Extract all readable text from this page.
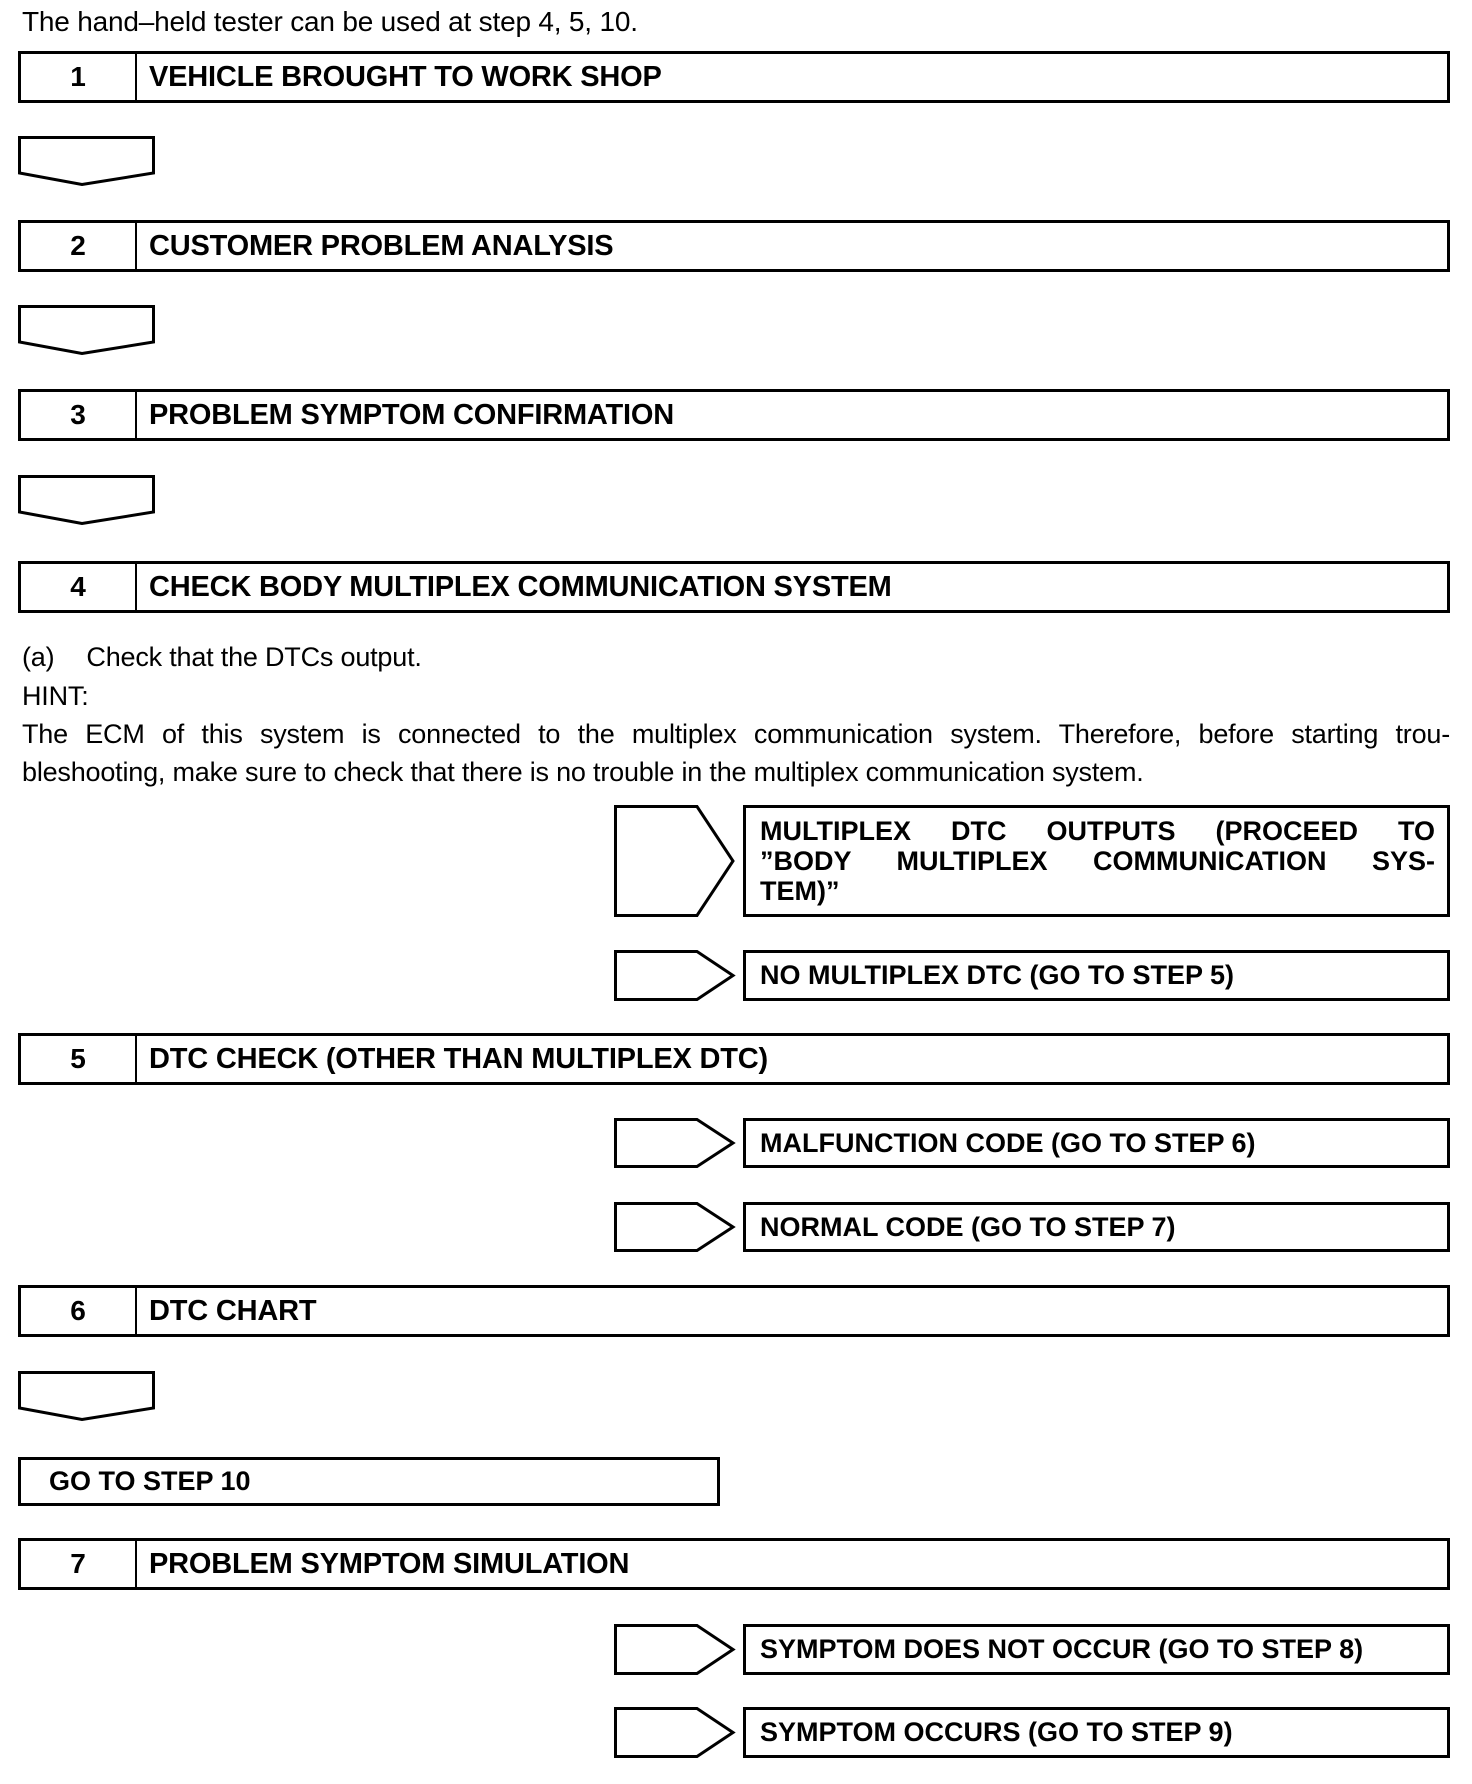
The hand–held tester can be used at step 4, 5, 10.
1	VEHICLE BROUGHT TO WORK SHOP
2	CUSTOMER PROBLEM ANALYSIS
3	PROBLEM SYMPTOM CONFIRMATION
4	CHECK BODY MULTIPLEX COMMUNICATION SYSTEM
(a) Check that the DTCs output.
HINT:
The ECM of this system is connected to the multiplex communication system. Therefore, before starting trou- bleshooting, make sure to check that there is no trouble in the multiplex communication system.
MULTIPLEX DTC OUTPUTS (PROCEED TO
”BODY MULTIPLEX COMMUNICATION SYS-
TEM)”
NO MULTIPLEX DTC (GO TO STEP 5)
5	DTC CHECK (OTHER THAN MULTIPLEX DTC)
MALFUNCTION CODE (GO TO STEP 6)
NORMAL CODE (GO TO STEP 7)
6	DTC CHART
GO TO STEP 10
7	PROBLEM SYMPTOM SIMULATION
SYMPTOM DOES NOT OCCUR (GO TO STEP 8)
SYMPTOM OCCURS (GO TO STEP 9)
